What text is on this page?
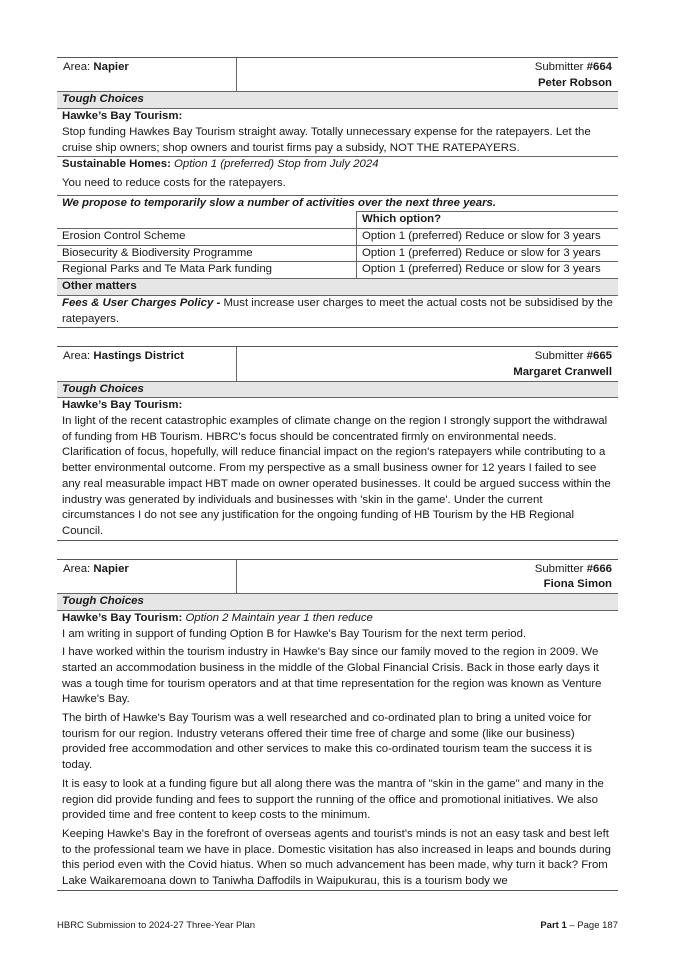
Area: Napier	Submitter #664
Peter Robson
Tough Choices
Hawke’s Bay Tourism:
Stop funding Hawkes Bay Tourism straight away. Totally unnecessary expense for the ratepayers. Let the cruise ship owners; shop owners and tourist firms pay a subsidy, NOT THE RATEPAYERS.
Sustainable Homes: Option 1 (preferred) Stop from July 2024
You need to reduce costs for the ratepayers.
We propose to temporarily slow a number of activities over the next three years.
	Which option?
Erosion Control Scheme	Option 1 (preferred) Reduce or slow for 3 years
Biosecurity & Biodiversity Programme	Option 1 (preferred) Reduce or slow for 3 years
Regional Parks and Te Mata Park funding	Option 1 (preferred) Reduce or slow for 3 years
Other matters
Fees & User Charges Policy - Must increase user charges to meet the actual costs not be subsidised by the ratepayers.
Area: Hastings District	Submitter #665
Margaret Cranwell
Tough Choices
Hawke’s Bay Tourism:
In light of the recent catastrophic examples of climate change on the region I strongly support the withdrawal of funding from HB Tourism. HBRC's focus should be concentrated firmly on environmental needs. Clarification of focus, hopefully, will reduce financial impact on the region's ratepayers while contributing to a better environmental outcome. From my perspective as a small business owner for 12 years I failed to see any real measurable impact HBT made on owner operated businesses. It could be argued success within the industry was generated by individuals and businesses with 'skin in the game'. Under the current circumstances I do not see any justification for the ongoing funding of HB Tourism by the HB Regional Council.
Area: Napier	Submitter #666
Fiona Simon
Tough Choices
Hawke’s Bay Tourism: Option 2 Maintain year 1 then reduce
I am writing in support of funding Option B for Hawke's Bay Tourism for the next term period.
I have worked within the tourism industry in Hawke's Bay since our family moved to the region in 2009. We started an accommodation business in the middle of the Global Financial Crisis. Back in those early days it was a tough time for tourism operators and at that time representation for the region was known as Venture Hawke's Bay.
The birth of Hawke's Bay Tourism was a well researched and co-ordinated plan to bring a united voice for tourism for our region. Industry veterans offered their time free of charge and some (like our business) provided free accommodation and other services to make this co-ordinated tourism team the success it is today.
It is easy to look at a funding figure but all along there was the mantra of "skin in the game" and many in the region did provide funding and fees to support the running of the office and promotional initiatives. We also provided time and free content to keep costs to the minimum.
Keeping Hawke's Bay in the forefront of overseas agents and tourist's minds is not an easy task and best left to the professional team we have in place. Domestic visitation has also increased in leaps and bounds during this period even with the Covid hiatus. When so much advancement has been made, why turn it back? From Lake Waikaremoana down to Taniwha Daffodils in Waipukurau, this is a tourism body we
HBRC Submission to 2024-27 Three-Year Plan	Part 1 – Page 187
